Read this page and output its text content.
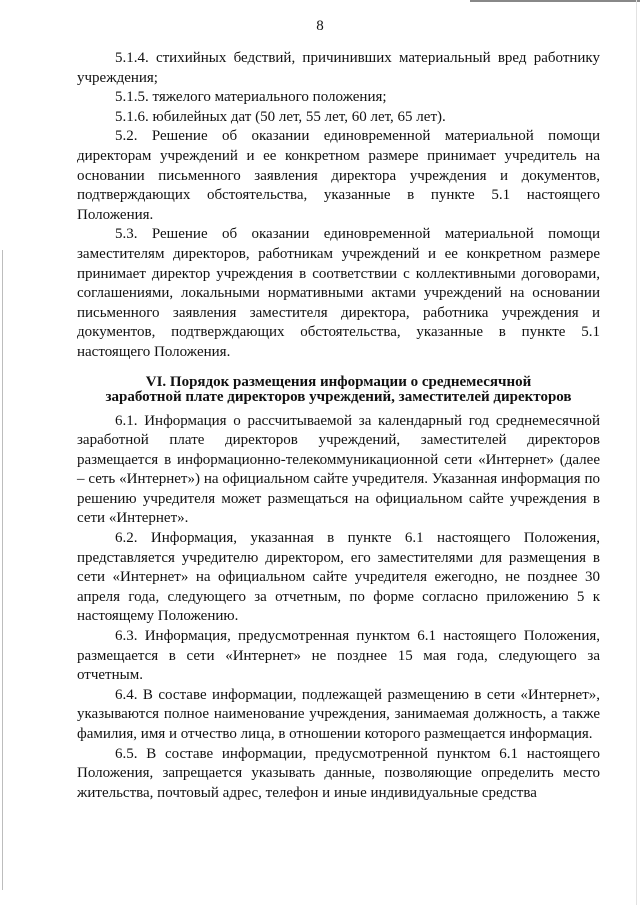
8

5.1.4. стихийных бедствий, причинивших материальный вред работнику учреждения;

5.1.5. тяжелого материального положения;

5.1.6. юбилейных дат (50 лет, 55 лет, 60 лет, 65 лет).

5.2. Решение об оказании единовременной материальной помощи директорам учреждений и ее конкретном размере принимает учредитель на основании письменного заявления директора учреждения и документов, подтверждающих обстоятельства, указанные в пункте 5.1 настоящего Положения.

5.3. Решение об оказании единовременной материальной помощи заместителям директоров, работникам учреждений и ее конкретном размере принимает директор учреждения в соответствии с коллективными договорами, соглашениями, локальными нормативными актами учреждений на основании письменного заявления заместителя директора, работника учреждения и документов, подтверждающих обстоятельства, указанные в пункте 5.1 настоящего Положения.

VI. Порядок размещения информации о среднемесячной
заработной плате директоров учреждений, заместителей директоров

6.1. Информация о рассчитываемой за календарный год среднемесячной заработной плате директоров учреждений, заместителей директоров размещается в информационно-телекоммуникационной сети «Интернет» (далее – сеть «Интернет») на официальном сайте учредителя. Указанная информация по решению учредителя может размещаться на официальном сайте учреждения в сети «Интернет».

6.2. Информация, указанная в пункте 6.1 настоящего Положения, представляется учредителю директором, его заместителями для размещения в сети «Интернет» на официальном сайте учредителя ежегодно, не позднее 30 апреля года, следующего за отчетным, по форме согласно приложению 5 к настоящему Положению.

6.3. Информация, предусмотренная пунктом 6.1 настоящего Положения, размещается в сети «Интернет» не позднее 15 мая года, следующего за отчетным.

6.4. В составе информации, подлежащей размещению в сети «Интернет», указываются полное наименование учреждения, занимаемая должность, а также фамилия, имя и отчество лица, в отношении которого размещается информация.

6.5. В составе информации, предусмотренной пунктом 6.1 настоящего Положения, запрещается указывать данные, позволяющие определить место жительства, почтовый адрес, телефон и иные индивидуальные средства
